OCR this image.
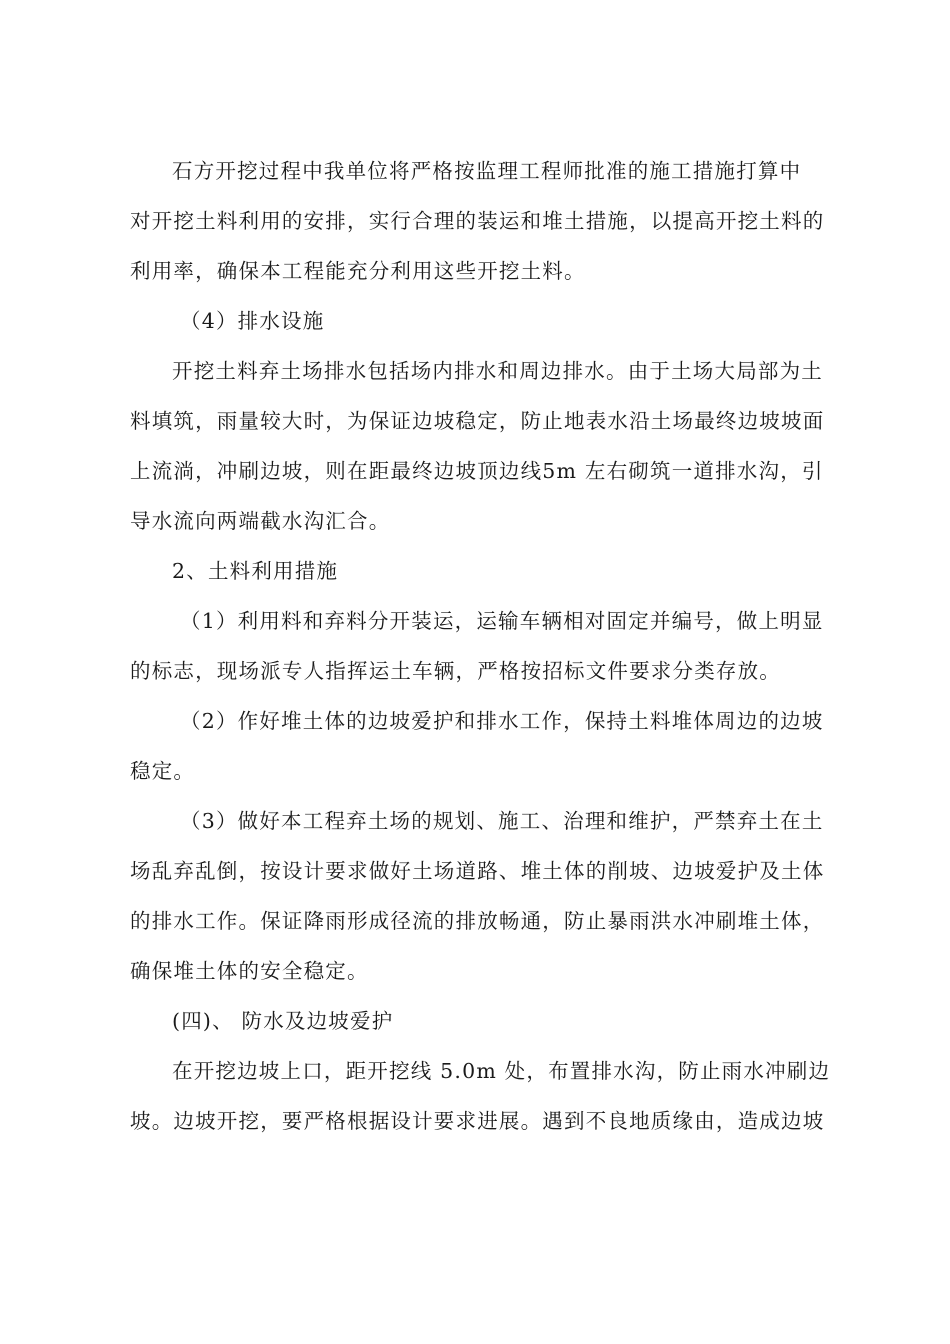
石方开挖过程中我单位将严格按监理工程师批准的施工措施打算中
对开挖土料利用的安排，实行合理的装运和堆土措施，以提高开挖土料的
利用率，确保本工程能充分利用这些开挖土料。
（4）排水设施
开挖土料弃土场排水包括场内排水和周边排水。由于土场大局部为土
料填筑，雨量较大时，为保证边坡稳定，防止地表水沿土场最终边坡坡面
上流淌，冲刷边坡，则在距最终边坡顶边线5m 左右砌筑一道排水沟，引
导水流向两端截水沟汇合。
2、土料利用措施
（1）利用料和弃料分开装运，运输车辆相对固定并编号，做上明显
的标志，现场派专人指挥运土车辆，严格按招标文件要求分类存放。
（2）作好堆土体的边坡爱护和排水工作，保持土料堆体周边的边坡
稳定。
（3）做好本工程弃土场的规划、施工、治理和维护，严禁弃土在土
场乱弃乱倒，按设计要求做好土场道路、堆土体的削坡、边坡爱护及土体
的排水工作。保证降雨形成径流的排放畅通，防止暴雨洪水冲刷堆土体，
确保堆土体的安全稳定。
(四)、 防水及边坡爱护
在开挖边坡上口，距开挖线 5.0m 处，布置排水沟，防止雨水冲刷边
坡。边坡开挖，要严格根据设计要求进展。遇到不良地质缘由，造成边坡
